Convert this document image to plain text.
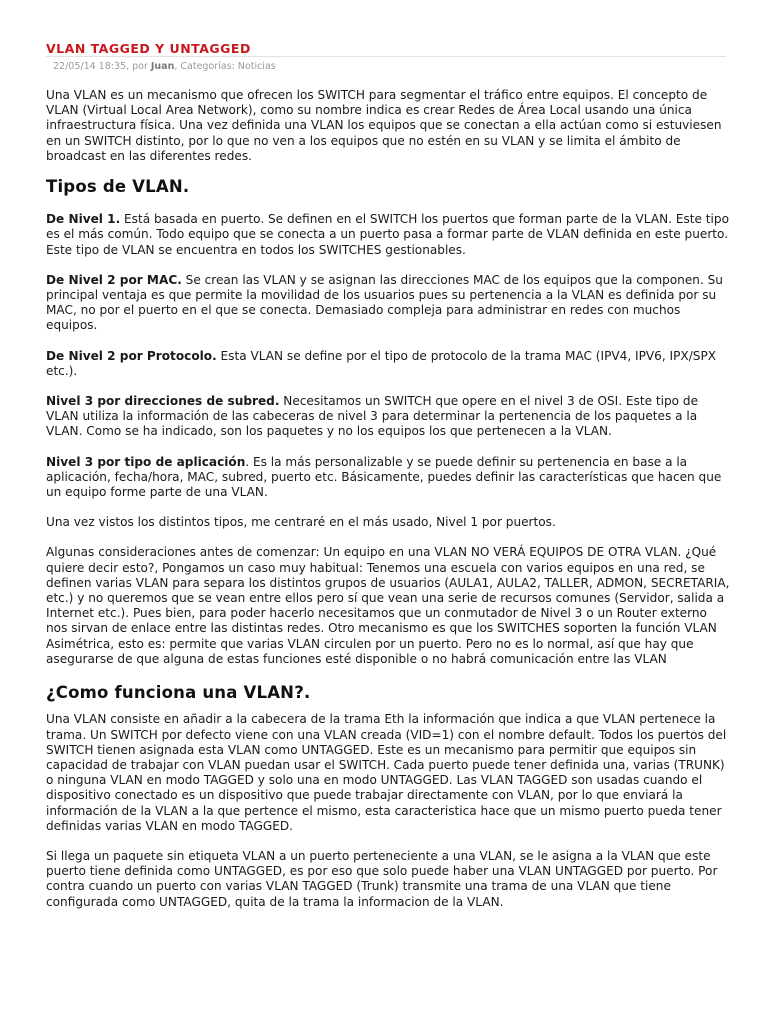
VLAN TAGGED Y UNTAGGED
22/05/14 18:35, por Juan, Categorías: Noticias

Una VLAN es un mecanismo que ofrecen los SWITCH para segmentar el tráfico entre equipos. El concepto de VLAN (Virtual Local Area Network), como su nombre indica es crear Redes de Área Local usando una única infraestructura física. Una vez definida una VLAN los equipos que se conectan a ella actúan como si estuviesen en un SWITCH distinto, por lo que no ven a los equipos que no estén en su VLAN y se limita el ámbito de broadcast en las diferentes redes.

Tipos de VLAN.

De Nivel 1. Está basada en puerto. Se definen en el SWITCH los puertos que forman parte de la VLAN. Este tipo es el más común. Todo equipo que se conecta a un puerto pasa a formar parte de VLAN definida en este puerto. Este tipo de VLAN se encuentra en todos los SWITCHES gestionables.

De Nivel 2 por MAC. Se crean las VLAN y se asignan las direcciones MAC de los equipos que la componen. Su principal ventaja es que permite la movilidad de los usuarios pues su pertenencia a la VLAN es definida por su MAC, no por el puerto en el que se conecta. Demasiado compleja para administrar en redes con muchos equipos.

De Nivel 2 por Protocolo. Esta VLAN se define por el tipo de protocolo de la trama MAC (IPV4, IPV6, IPX/SPX etc.).

Nivel 3 por direcciones de subred. Necesitamos un SWITCH que opere en el nivel 3 de OSI. Este tipo de VLAN utiliza la información de las cabeceras de nivel 3 para determinar la pertenencia de los paquetes a la VLAN. Como se ha indicado, son los paquetes y no los equipos los que pertenecen a la VLAN.

Nivel 3 por tipo de aplicación. Es la más personalizable y se puede definir su pertenencia en base a la aplicación, fecha/hora, MAC, subred, puerto etc. Básicamente, puedes definir las características que hacen que un equipo forme parte de una VLAN.

Una vez vistos los distintos tipos, me centraré en el más usado, Nivel 1 por puertos.

Algunas consideraciones antes de comenzar: Un equipo en una VLAN NO VERÁ EQUIPOS DE OTRA VLAN. ¿Qué quiere decir esto?, Pongamos un caso muy habitual: Tenemos una escuela con varios equipos en una red, se definen varias VLAN para separa los distintos grupos de usuarios (AULA1, AULA2, TALLER, ADMON, SECRETARIA, etc.) y no queremos que se vean entre ellos pero sí que vean una serie de recursos comunes (Servidor, salida a Internet etc.). Pues bien, para poder hacerlo necesitamos que un conmutador de Nivel 3 o un Router externo nos sirvan de enlace entre las distintas redes. Otro mecanismo es que los SWITCHES soporten la función VLAN Asimétrica, esto es: permite que varias VLAN circulen por un puerto. Pero no es lo normal, así que hay que asegurarse de que alguna de estas funciones esté disponible o no habrá comunicación entre las VLAN

¿Como funciona una VLAN?.

Una VLAN consiste en añadir a la cabecera de la trama Eth la información que indica a que VLAN pertenece la trama. Un SWITCH por defecto viene con una VLAN creada (VID=1) con el nombre default. Todos los puertos del SWITCH tienen asignada esta VLAN como UNTAGGED. Este es un mecanismo para permitir que equipos sin capacidad de trabajar con VLAN puedan usar el SWITCH. Cada puerto puede tener definida una, varias (TRUNK) o ninguna VLAN en modo TAGGED y solo una en modo UNTAGGED. Las VLAN TAGGED son usadas cuando el dispositivo conectado es un dispositivo que puede trabajar directamente con VLAN, por lo que enviará la información de la VLAN a la que pertence el mismo, esta caracteristica hace que un mismo puerto pueda tener definidas varias VLAN en modo TAGGED.

Si llega un paquete sin etiqueta VLAN a un puerto perteneciente a una VLAN, se le asigna a la VLAN que este puerto tiene definida como UNTAGGED, es por eso que solo puede haber una VLAN UNTAGGED por puerto. Por contra cuando un puerto con varias VLAN TAGGED (Trunk) transmite una trama de una VLAN que tiene configurada como UNTAGGED, quita de la trama la informacion de la VLAN.
